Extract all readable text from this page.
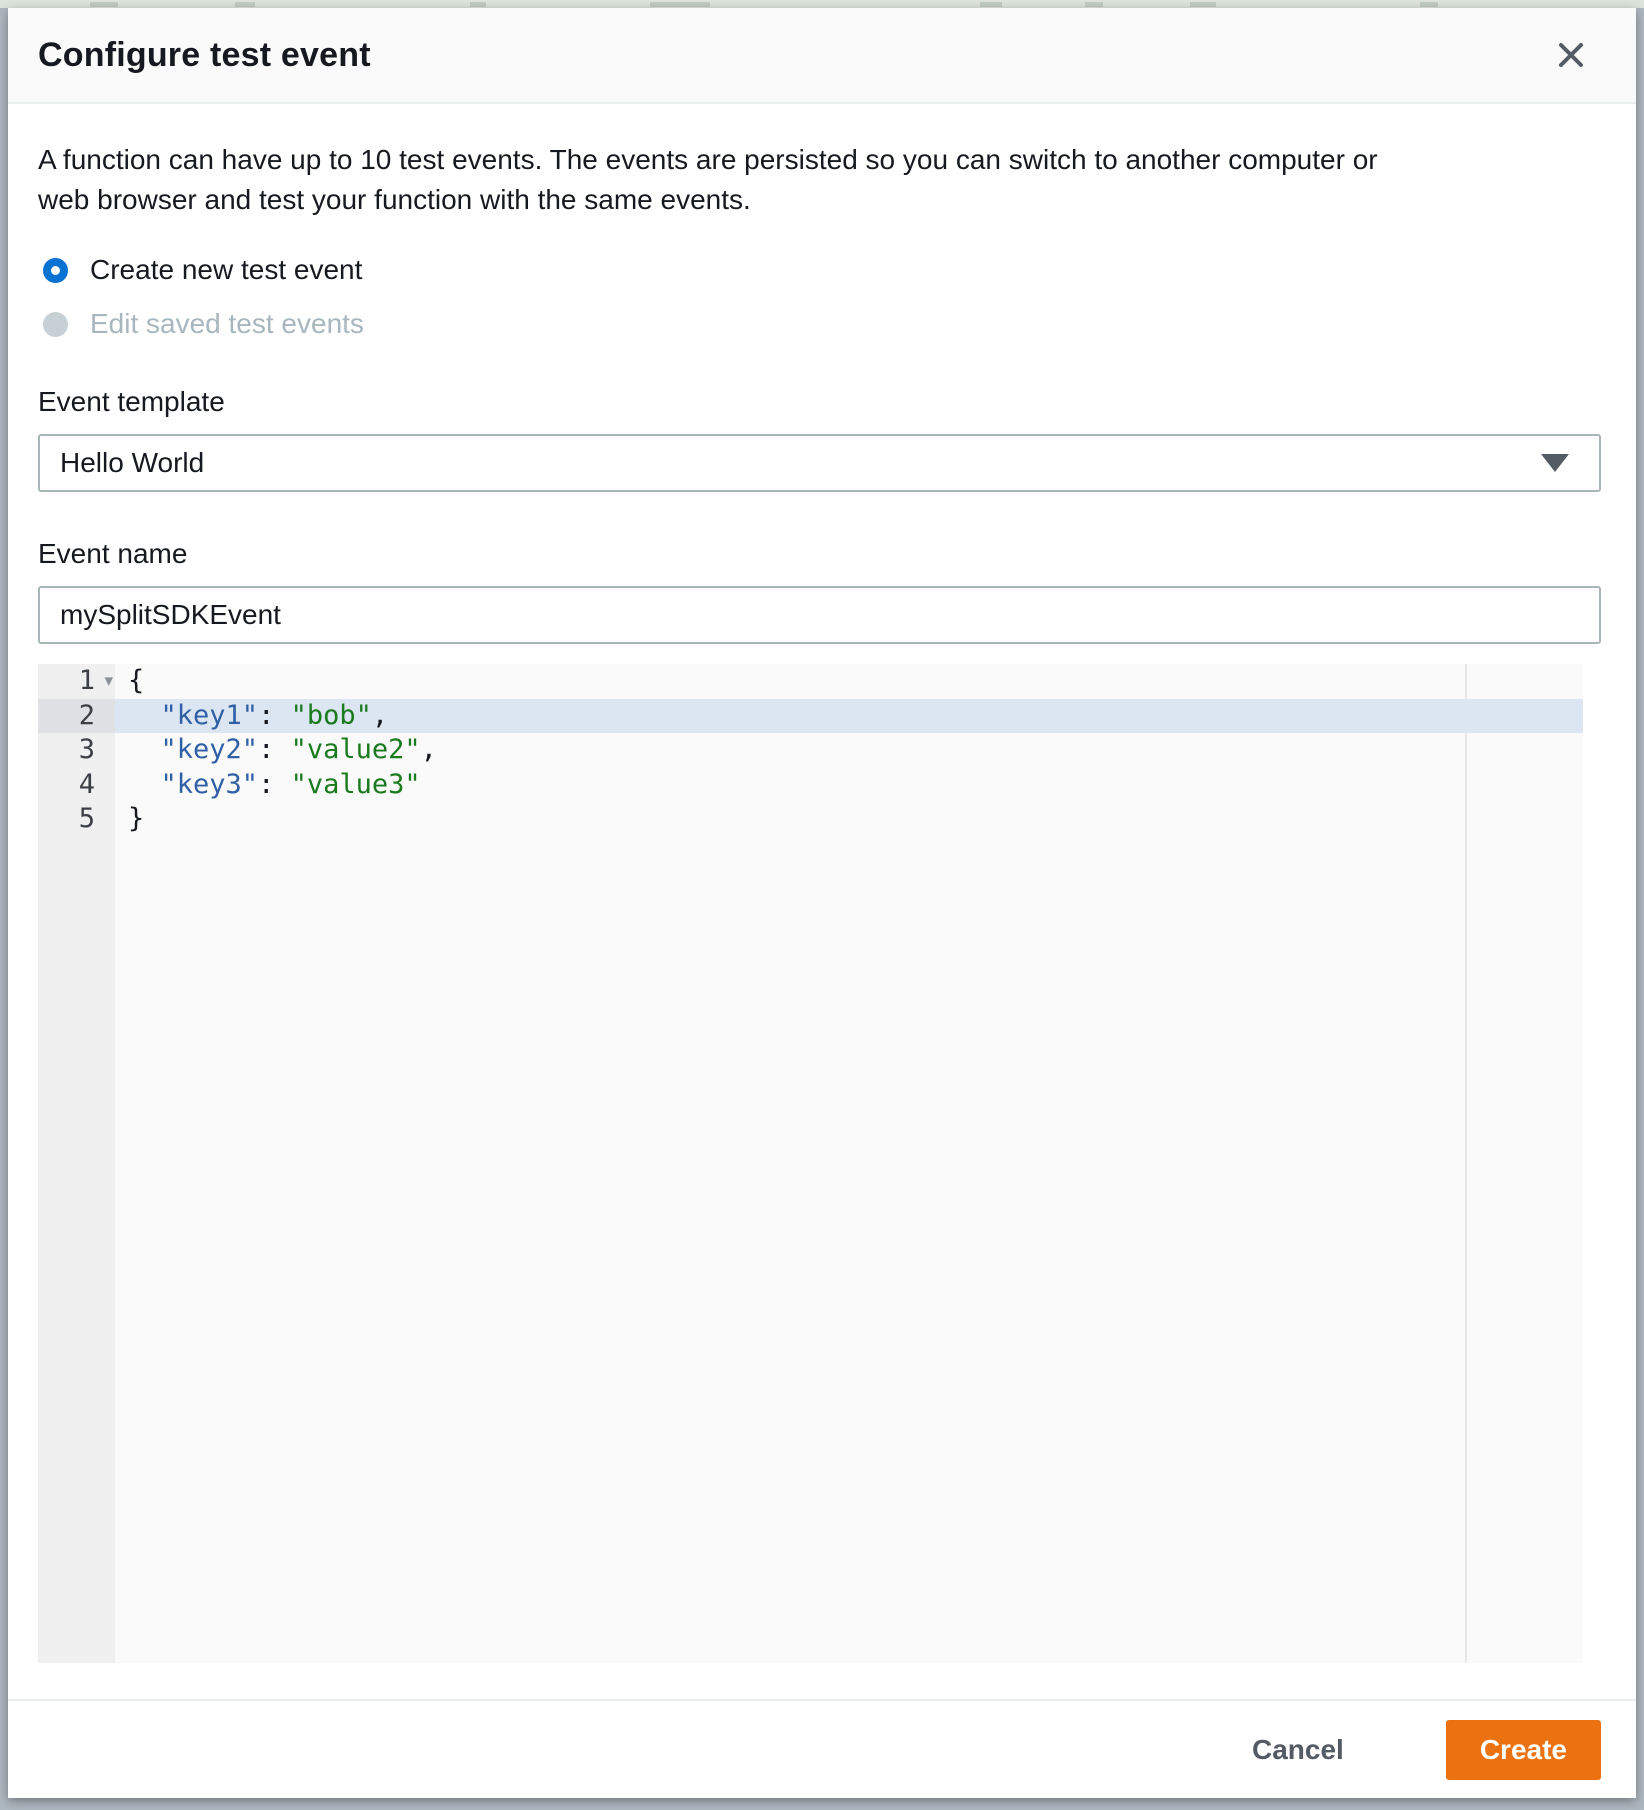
Configure test event
A function can have up to 10 test events. The events are persisted so you can switch to another computer or web browser and test your function with the same events.
Create new test event
Edit saved test events
Event template
Hello World
Event name
mySplitSDKEvent
1 ▾ {
2	"key1": "bob",
3	"key2": "value2",
4	"key3": "value3"
5	}
Cancel	Create
